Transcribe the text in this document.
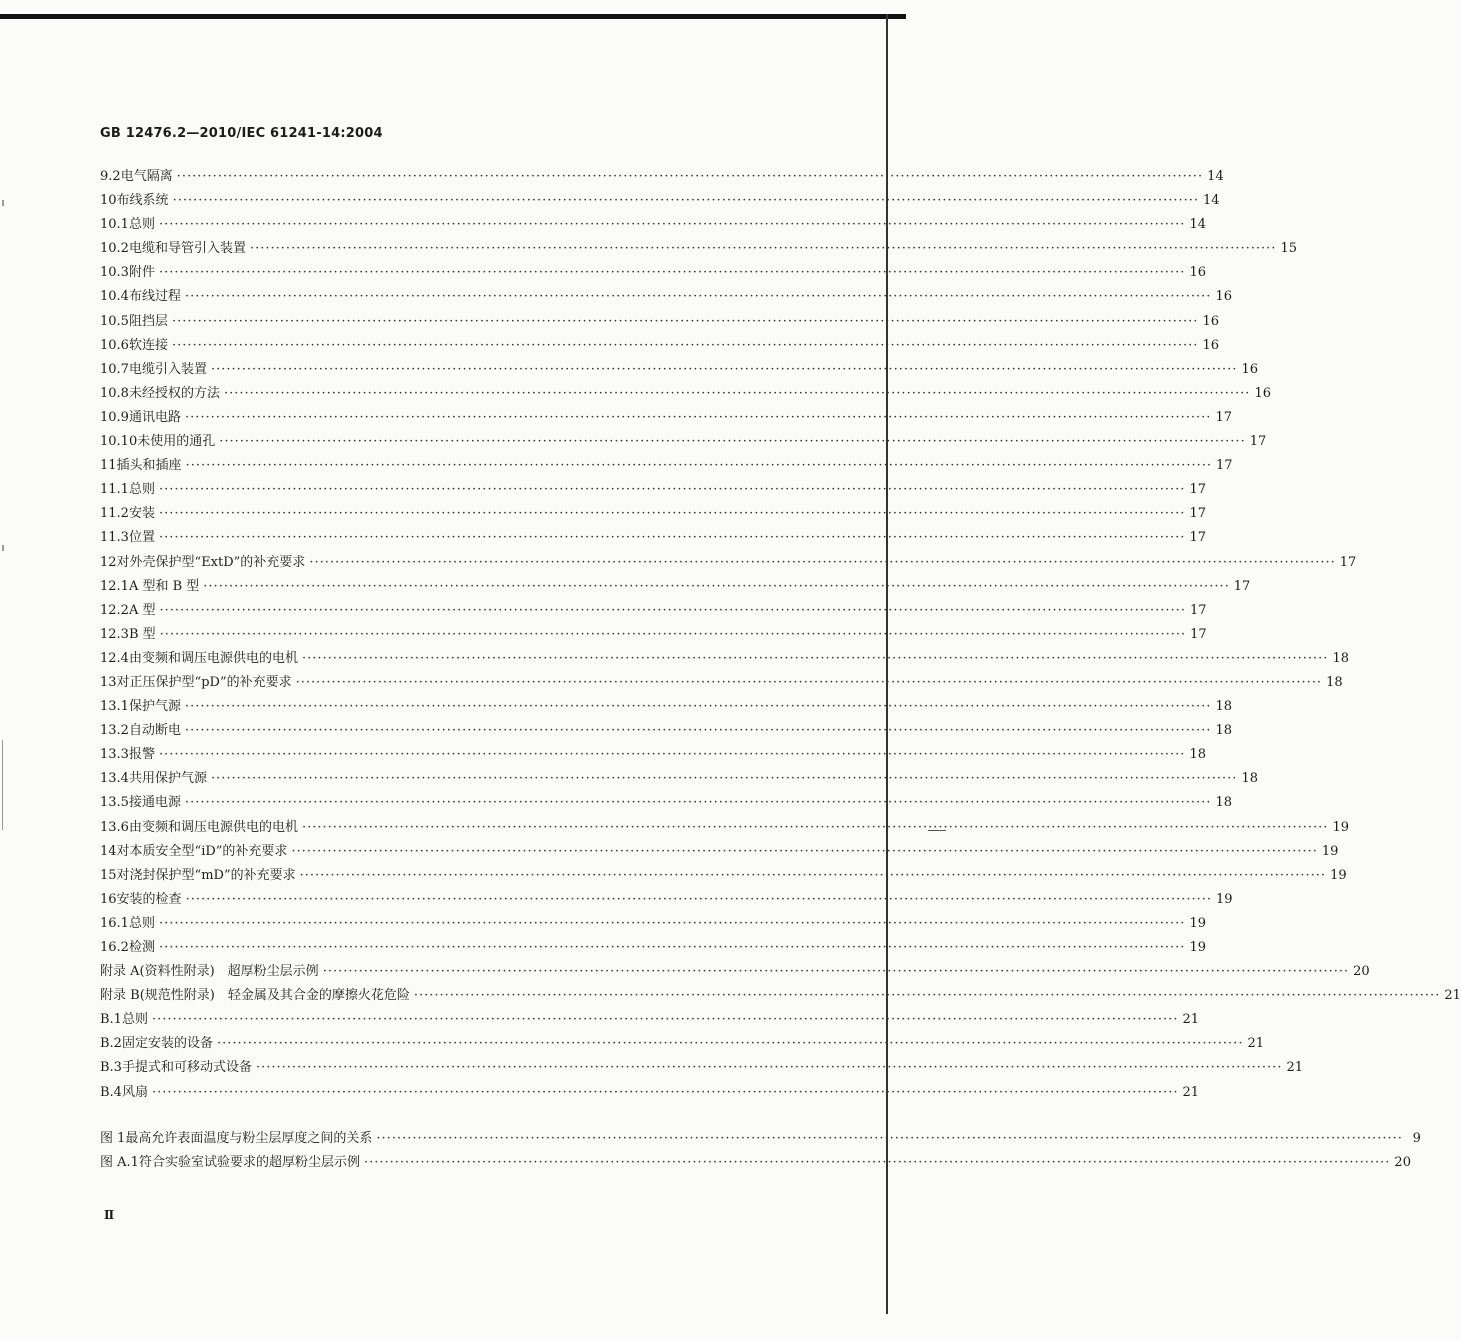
GB 12476.2—2010/IEC 61241-14:2004
9.2 电气隔离 ········································································································································································································ 14
10 布线系统 ········································································································································································································ 14
10.1 总则 ········································································································································································································ 14
10.2 电缆和导管引入装置 ········································································································································································································ 15
10.3 附件 ········································································································································································································ 16
10.4 布线过程 ········································································································································································································ 16
10.5 阻挡层 ········································································································································································································ 16
10.6 软连接 ········································································································································································································ 16
10.7 电缆引入装置 ········································································································································································································ 16
10.8 未经授权的方法 ········································································································································································································ 16
10.9 通讯电路 ········································································································································································································ 17
10.10 未使用的通孔 ········································································································································································································ 17
11 插头和插座 ········································································································································································································ 17
11.1 总则 ········································································································································································································ 17
11.2 安装 ········································································································································································································ 17
11.3 位置 ········································································································································································································ 17
12 对外壳保护型“ExtD”的补充要求 ········································································································································································································ 17
12.1 A 型和 B 型 ········································································································································································································ 17
12.2 A 型 ········································································································································································································ 17
12.3 B 型 ········································································································································································································ 17
12.4 由变频和调压电源供电的电机 ········································································································································································································ 18
13 对正压保护型“pD”的补充要求 ········································································································································································································ 18
13.1 保护气源 ········································································································································································································ 18
13.2 自动断电 ········································································································································································································ 18
13.3 报警 ········································································································································································································ 18
13.4 共用保护气源 ········································································································································································································ 18
13.5 接通电源 ········································································································································································································ 18
13.6 由变频和调压电源供电的电机 ········································································································································································································ 19
14 对本质安全型“iD”的补充要求 ········································································································································································································ 19
15 对浇封保护型“mD”的补充要求 ········································································································································································································ 19
16 安装的检查 ········································································································································································································ 19
16.1 总则 ········································································································································································································ 19
16.2 检测 ········································································································································································································ 19
附录 A (资料性附录)　超厚粉尘层示例 ········································································································································································································ 20
附录 B (规范性附录)　轻金属及其合金的摩擦火花危险 ········································································································································································································ 21
B.1 总则 ········································································································································································································ 21
B.2 固定安装的设备 ········································································································································································································ 21
B.3 手提式和可移动式设备 ········································································································································································································ 21
B.4 风扇 ········································································································································································································ 21
图 1 最高允许表面温度与粉尘层厚度之间的关系 ········································································································································································································ 9
图 A.1 符合实验室试验要求的超厚粉尘层示例 ········································································································································································································ 20
Ⅱ
